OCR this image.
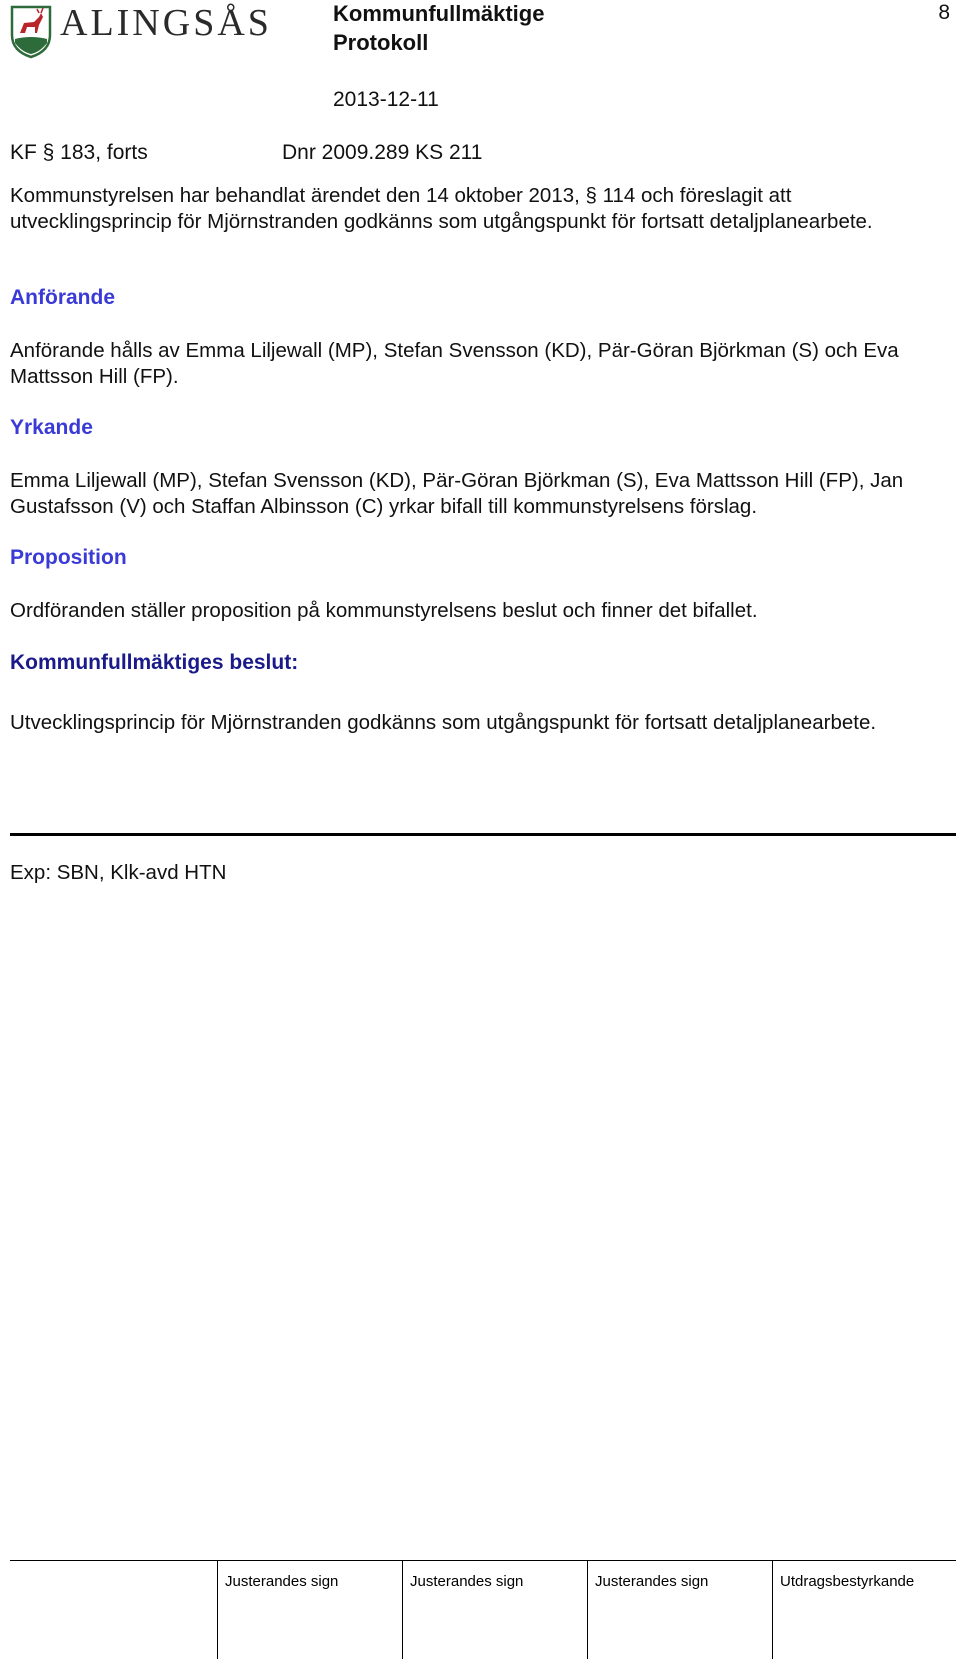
ALINGSÅS	Kommunfullmäktige
Protokoll
2013-12-11
8
KF § 183, forts	Dnr 2009.289 KS 211
Kommunstyrelsen har behandlat ärendet den 14 oktober 2013, § 114 och föreslagit att utvecklingsprincip för Mjörnstranden godkänns som utgångspunkt för fortsatt detaljplanearbete.
Anförande
Anförande hålls av Emma Liljewall (MP), Stefan Svensson (KD), Pär-Göran Björkman (S) och Eva Mattsson Hill (FP).
Yrkande
Emma Liljewall (MP), Stefan Svensson (KD), Pär-Göran Björkman (S), Eva Mattsson Hill (FP), Jan Gustafsson (V) och Staffan Albinsson (C) yrkar bifall till kommunstyrelsens förslag.
Proposition
Ordföranden ställer proposition på kommunstyrelsens beslut och finner det bifallet.
Kommunfullmäktiges beslut:
Utvecklingsprincip för Mjörnstranden godkänns som utgångspunkt för fortsatt detaljplanearbete.
Exp: SBN, Klk-avd HTN
Justerandes sign	Justerandes sign	Justerandes sign	Utdragsbestyrkande
